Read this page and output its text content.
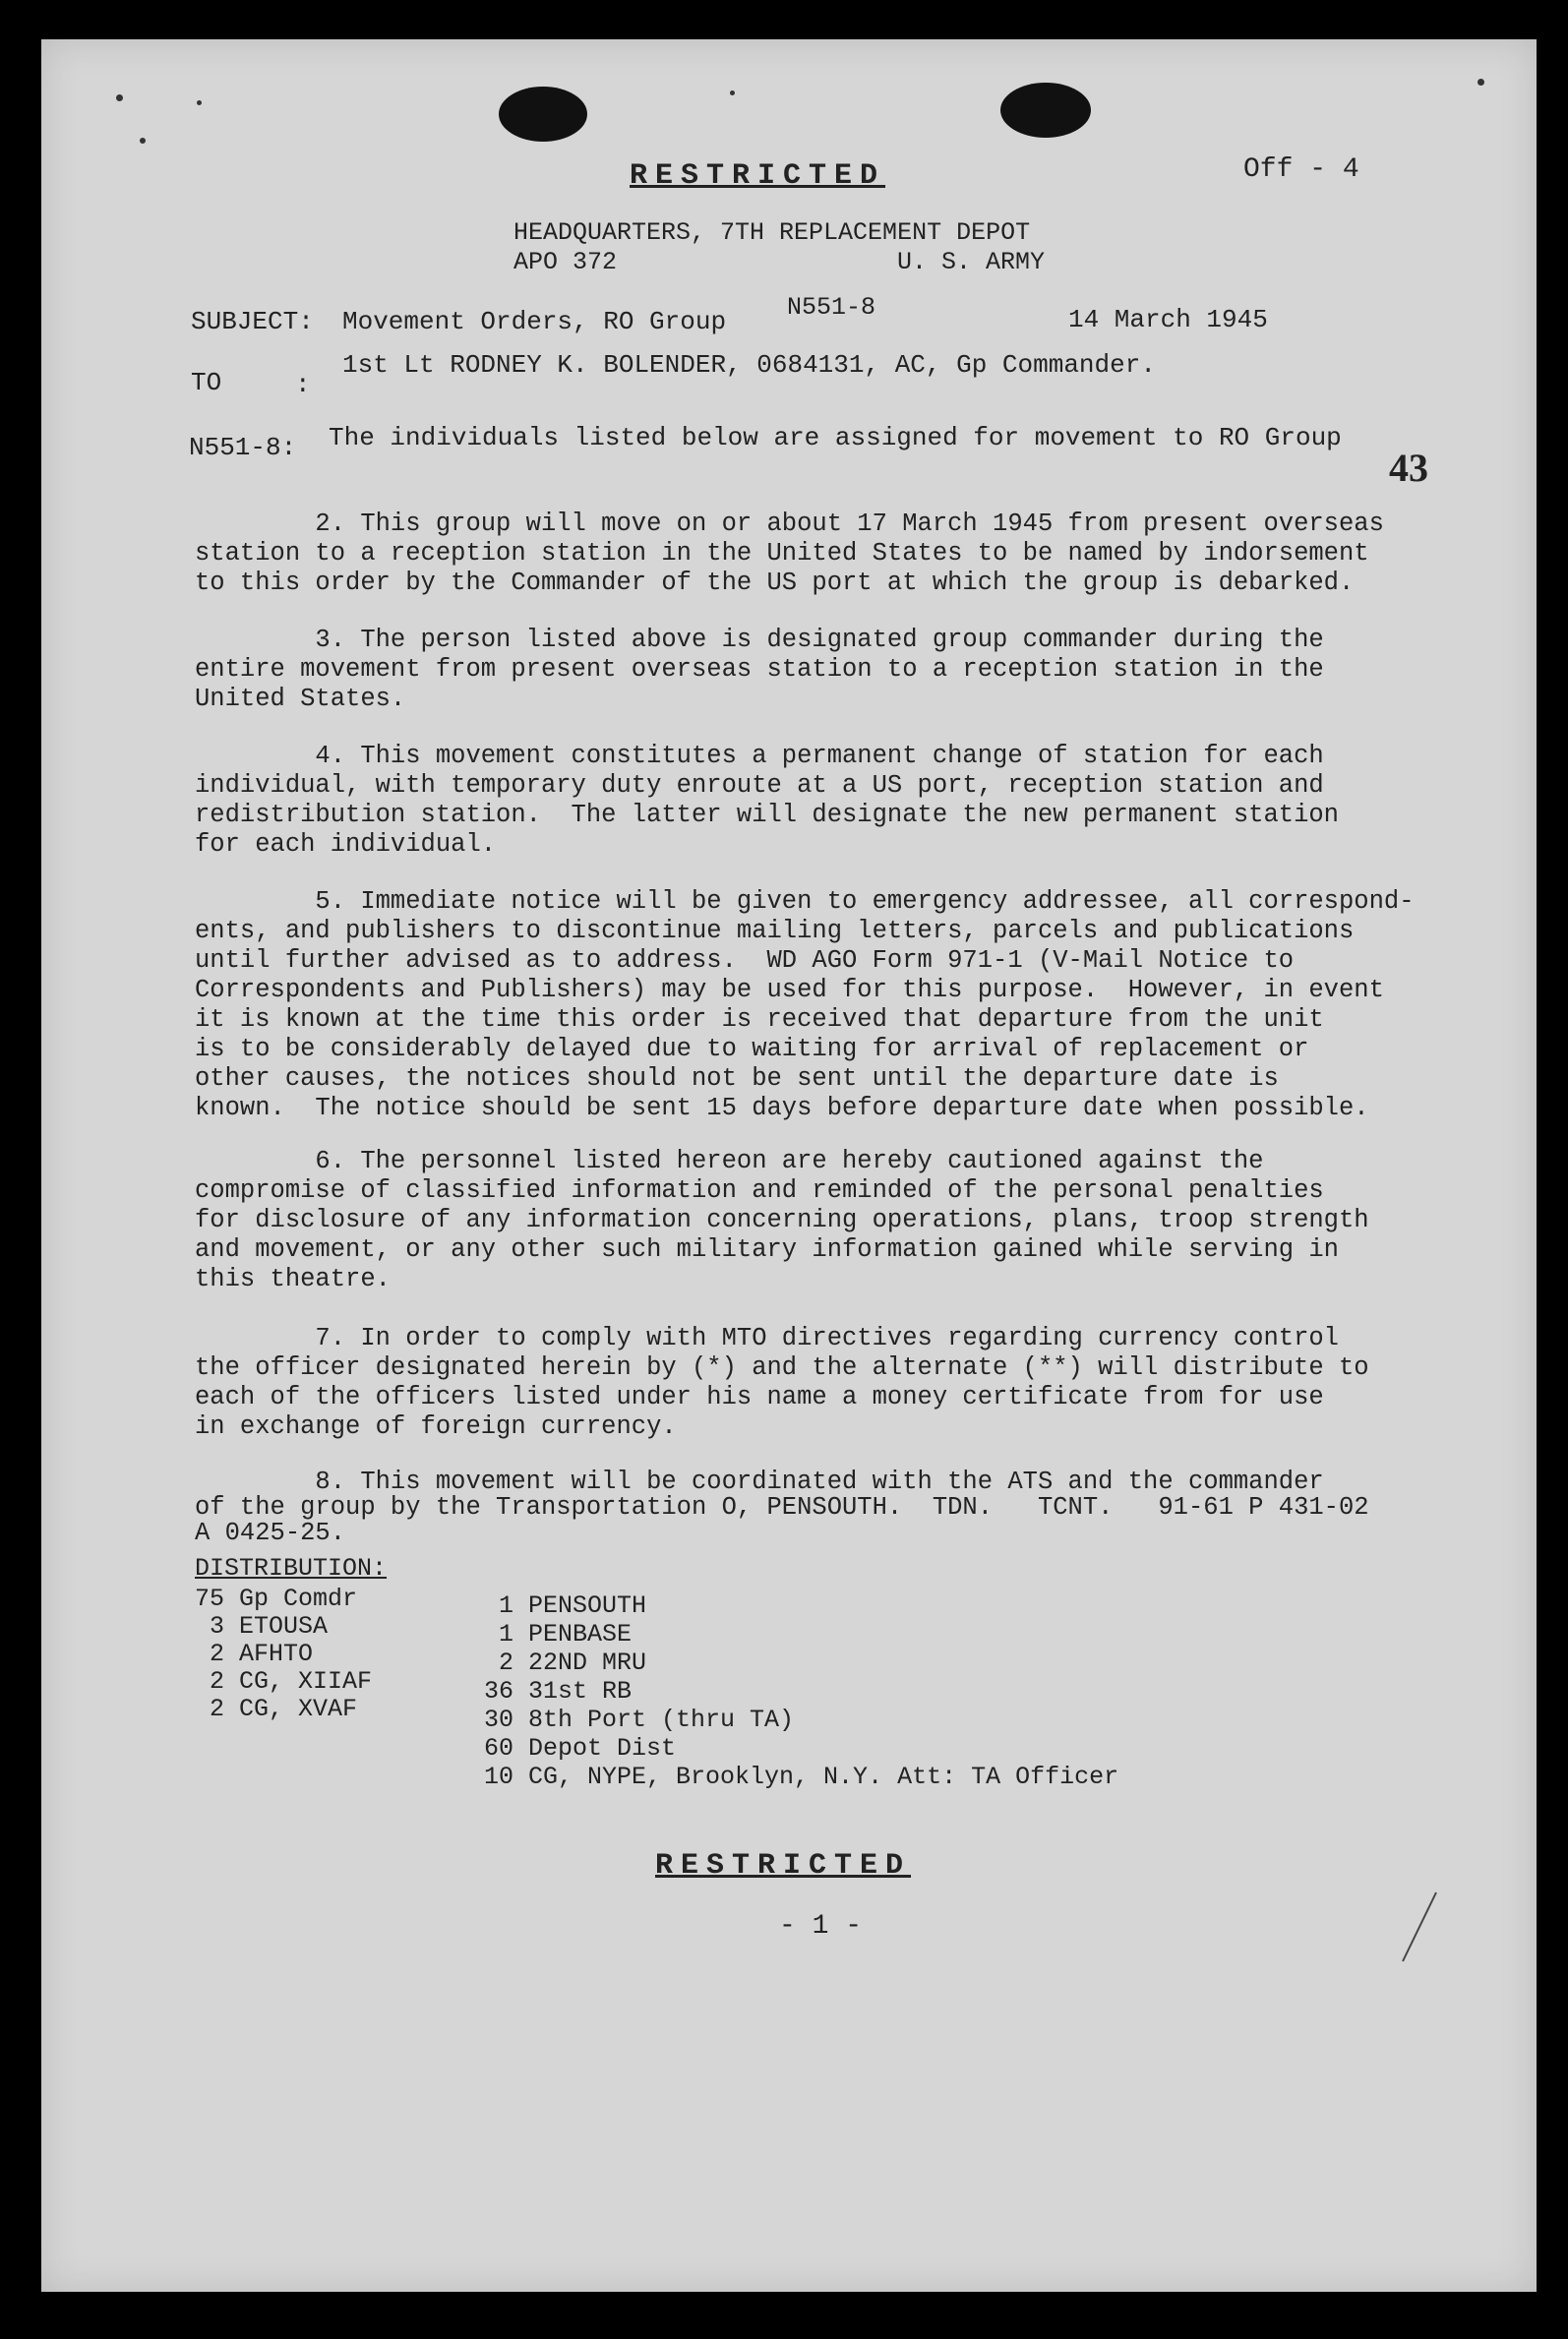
RESTRICTED	Off - 4
HEADQUARTERS, 7TH REPLACEMENT DEPOT
APO 372	U. S. ARMY
N551-8
SUBJECT: Movement Orders, RO Group	14 March 1945
TO	:
1st Lt RODNEY K. BOLENDER, 0684131, AC, Gp Commander.
N551-8: The individuals listed below are assigned for movement to RO Group
43
2. This group will move on or about 17 March 1945 from present overseas
station to a reception station in the United States to be named by indorsement
to this order by the Commander of the US port at which the group is debarked.
3. The person listed above is designated group commander during the
entire movement from present overseas station to a reception station in the
United States.
4. This movement constitutes a permanent change of station for each
individual, with temporary duty enroute at a US port, reception station and
redistribution station.  The latter will designate the new permanent station
for each individual.
5. Immediate notice will be given to emergency addressee, all correspond-
ents, and publishers to discontinue mailing letters, parcels and publications
until further advised as to address.  WD AGO Form 971-1 (V-Mail Notice to
Correspondents and Publishers) may be used for this purpose.  However, in event
it is known at the time this order is received that departure from the unit
is to be considerably delayed due to waiting for arrival of replacement or
other causes, the notices should not be sent until the departure date is
known.  The notice should be sent 15 days before departure date when possible.
6. The personnel listed hereon are hereby cautioned against the
compromise of classified information and reminded of the personal penalties
for disclosure of any information concerning operations, plans, troop strength
and movement, or any other such military information gained while serving in
this theatre.
7. In order to comply with MTO directives regarding currency control
the officer designated herein by (*) and the alternate (**) will distribute to
each of the officers listed under his name a money certificate from for use
in exchange of foreign currency.
8. This movement will be coordinated with the ATS and the commander
of the group by the Transportation O, PENSOUTH.  TDN.   TCNT.   91-61 P 431-02
A 0425-25.
DISTRIBUTION:
75 Gp Comdr
3 ETOUSA
2 AFHTO
2 CG, XIIAF
2 CG, XVAF
1 PENSOUTH
1 PENBASE
2 22ND MRU
36 31st RB
30 8th Port (thru TA)
60 Depot Dist
10 CG, NYPE, Brooklyn, N.Y. Att: TA Officer
RESTRICTED
- 1 -
